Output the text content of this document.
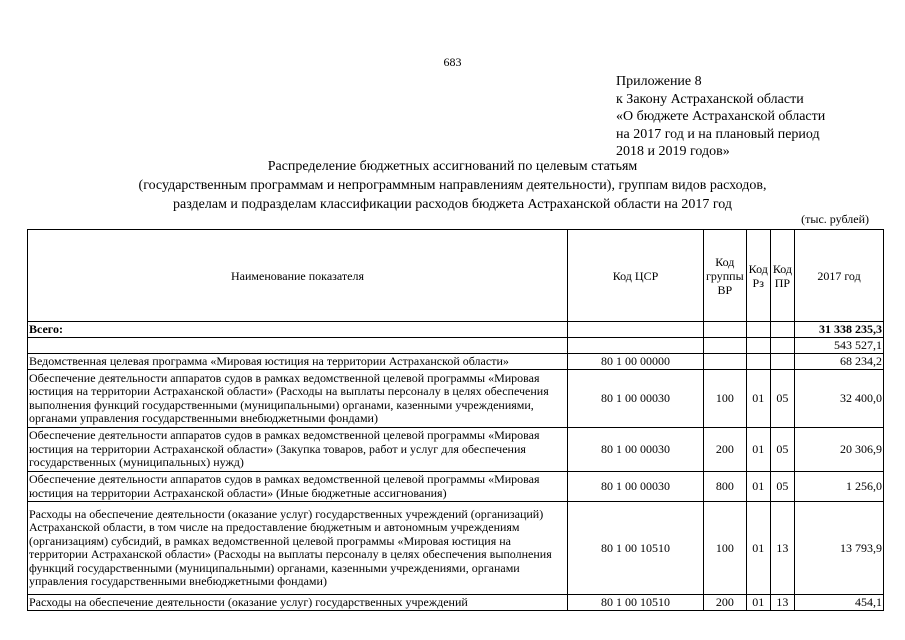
683
Приложение 8
к Закону Астраханской области
«О бюджете Астраханской области
на 2017 год и на плановый период
2018 и 2019 годов»
Распределение бюджетных ассигнований по целевым статьям
(государственным программам и непрограммным направлениям деятельности), группам видов расходов,
разделам и подразделам классификации расходов бюджета Астраханской области на 2017 год
(тыс. рублей)
Наименование показателя	Код ЦСР	Код группы ВР	Код Рз	Код ПР	2017 год
Всего:					31 338 235,3
					543 527,1
Ведомственная целевая программа «Мировая юстиция на территории Астраханской области»	80 1 00 00000				68 234,2
Обеспечение деятельности аппаратов судов в рамках ведомственной целевой программы «Мировая юстиция на территории Астраханской области» (Расходы на выплаты персоналу в целях обеспечения выполнения функций государственными (муниципальными) органами, казенными учреждениями, органами управления государственными внебюджетными фондами)	80 1 00 00030	100	01	05	32 400,0
Обеспечение деятельности аппаратов судов в рамках ведомственной целевой программы «Мировая юстиция на территории Астраханской области» (Закупка товаров, работ и услуг для обеспечения государственных (муниципальных) нужд)	80 1 00 00030	200	01	05	20 306,9
Обеспечение деятельности аппаратов судов в рамках ведомственной целевой программы «Мировая юстиция на территории Астраханской области» (Иные бюджетные ассигнования)	80 1 00 00030	800	01	05	1 256,0
Расходы на обеспечение деятельности (оказание услуг) государственных учреждений (организаций) Астраханской области, в том числе на предоставление бюджетным и автономным учреждениям (организациям) субсидий, в рамках ведомственной целевой программы «Мировая юстиция на территории Астраханской области» (Расходы на выплаты персоналу в целях обеспечения выполнения функций государственными (муниципальными) органами, казенными учреждениями, органами управления государственными внебюджетными фондами)	80 1 00 10510	100	01	13	13 793,9
Расходы на обеспечение деятельности (оказание услуг) государственных учреждений	80 1 00 10510	200	01	13	454,1
